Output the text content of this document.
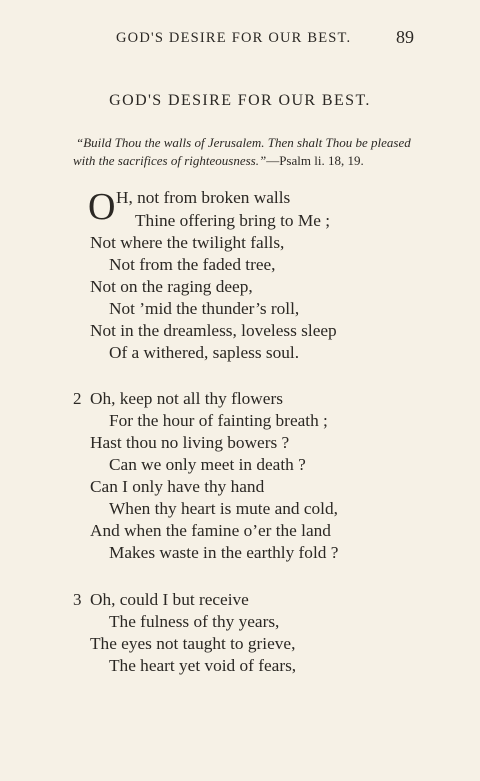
GOD'S DESIRE FOR OUR BEST. 89
GOD'S DESIRE FOR OUR BEST.
“Build Thou the walls of Jerusalem. Then shalt Thou be pleased
with the sacrifices of righteousness.”—Psalm li. 18, 19.
O H, not from broken walls
Thine offering bring to Me ;
Not where the twilight falls,
Not from the faded tree,
Not on the raging deep,
Not ’mid the thunder’s roll,
Not in the dreamless, loveless sleep
Of a withered, sapless soul.
2 Oh, keep not all thy flowers
For the hour of fainting breath ;
Hast thou no living bowers ?
Can we only meet in death ?
Can I only have thy hand
When thy heart is mute and cold,
And when the famine o’er the land
Makes waste in the earthly fold ?
3 Oh, could I but receive
The fulness of thy years,
The eyes not taught to grieve,
The heart yet void of fears,
